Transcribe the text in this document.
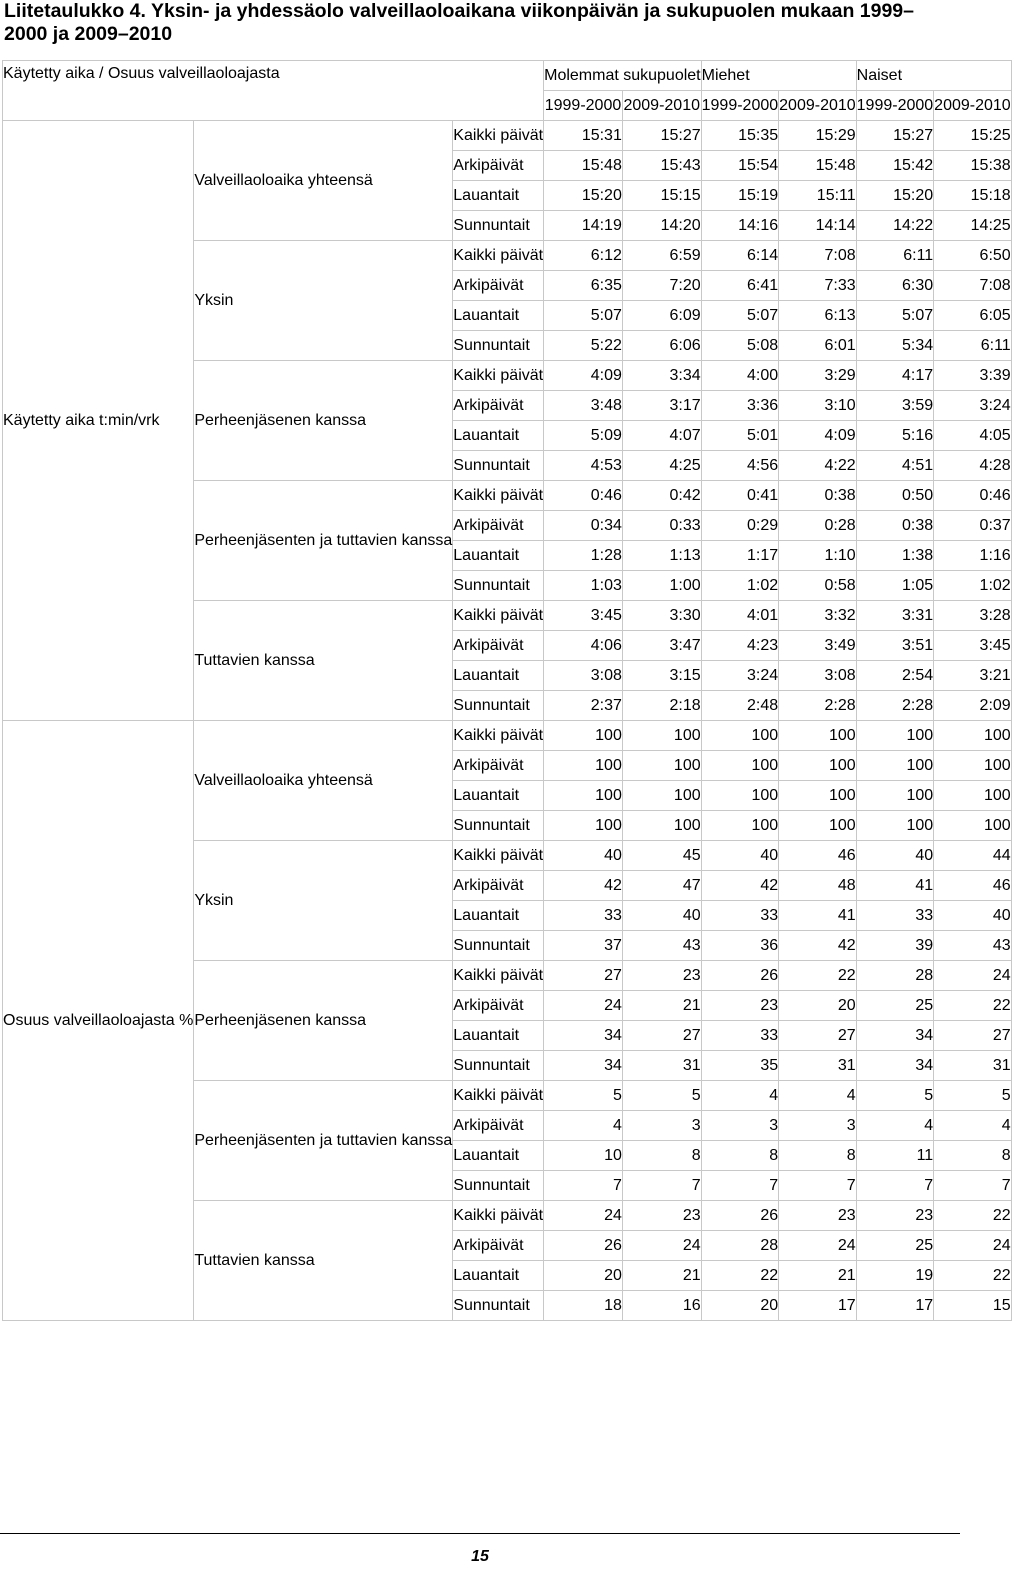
Liitetaulukko 4. Yksin- ja yhdessäolo valveillaoloaikana viikonpäivän ja sukupuolen mukaan 1999–2000 ja 2009–2010
Käytetty aika / Osuus valveillaoloajasta			Molemmat sukupuolet		Miehet		Naiset	
			1999-2000	2009-2010	1999-2000	2009-2010	1999-2000	2009-2010
Käytetty aika t:min/vrk	Valveillaoloaika yhteensä	Kaikki päivät	15:31	15:27	15:35	15:29	15:27	15:25
		Arkipäivät	15:48	15:43	15:54	15:48	15:42	15:38
		Lauantait	15:20	15:15	15:19	15:11	15:20	15:18
		Sunnuntait	14:19	14:20	14:16	14:14	14:22	14:25
	Yksin	Kaikki päivät	6:12	6:59	6:14	7:08	6:11	6:50
		Arkipäivät	6:35	7:20	6:41	7:33	6:30	7:08
		Lauantait	5:07	6:09	5:07	6:13	5:07	6:05
		Sunnuntait	5:22	6:06	5:08	6:01	5:34	6:11
	Perheenjäsenen kanssa	Kaikki päivät	4:09	3:34	4:00	3:29	4:17	3:39
		Arkipäivät	3:48	3:17	3:36	3:10	3:59	3:24
		Lauantait	5:09	4:07	5:01	4:09	5:16	4:05
		Sunnuntait	4:53	4:25	4:56	4:22	4:51	4:28
	Perheenjäsenten ja tuttavien kanssa	Kaikki päivät	0:46	0:42	0:41	0:38	0:50	0:46
		Arkipäivät	0:34	0:33	0:29	0:28	0:38	0:37
		Lauantait	1:28	1:13	1:17	1:10	1:38	1:16
		Sunnuntait	1:03	1:00	1:02	0:58	1:05	1:02
	Tuttavien kanssa	Kaikki päivät	3:45	3:30	4:01	3:32	3:31	3:28
		Arkipäivät	4:06	3:47	4:23	3:49	3:51	3:45
		Lauantait	3:08	3:15	3:24	3:08	2:54	3:21
		Sunnuntait	2:37	2:18	2:48	2:28	2:28	2:09
Osuus valveillaoloajasta %	Valveillaoloaika yhteensä	Kaikki päivät	100	100	100	100	100	100
		Arkipäivät	100	100	100	100	100	100
		Lauantait	100	100	100	100	100	100
		Sunnuntait	100	100	100	100	100	100
	Yksin	Kaikki päivät	40	45	40	46	40	44
		Arkipäivät	42	47	42	48	41	46
		Lauantait	33	40	33	41	33	40
		Sunnuntait	37	43	36	42	39	43
	Perheenjäsenen kanssa	Kaikki päivät	27	23	26	22	28	24
		Arkipäivät	24	21	23	20	25	22
		Lauantait	34	27	33	27	34	27
		Sunnuntait	34	31	35	31	34	31
	Perheenjäsenten ja tuttavien kanssa	Kaikki päivät	5	5	4	4	5	5
		Arkipäivät	4	3	3	3	4	4
		Lauantait	10	8	8	8	11	8
		Sunnuntait	7	7	7	7	7	7
	Tuttavien kanssa	Kaikki päivät	24	23	26	23	23	22
		Arkipäivät	26	24	28	24	25	24
		Lauantait	20	21	22	21	19	22
		Sunnuntait	18	16	20	17	17	15
15
